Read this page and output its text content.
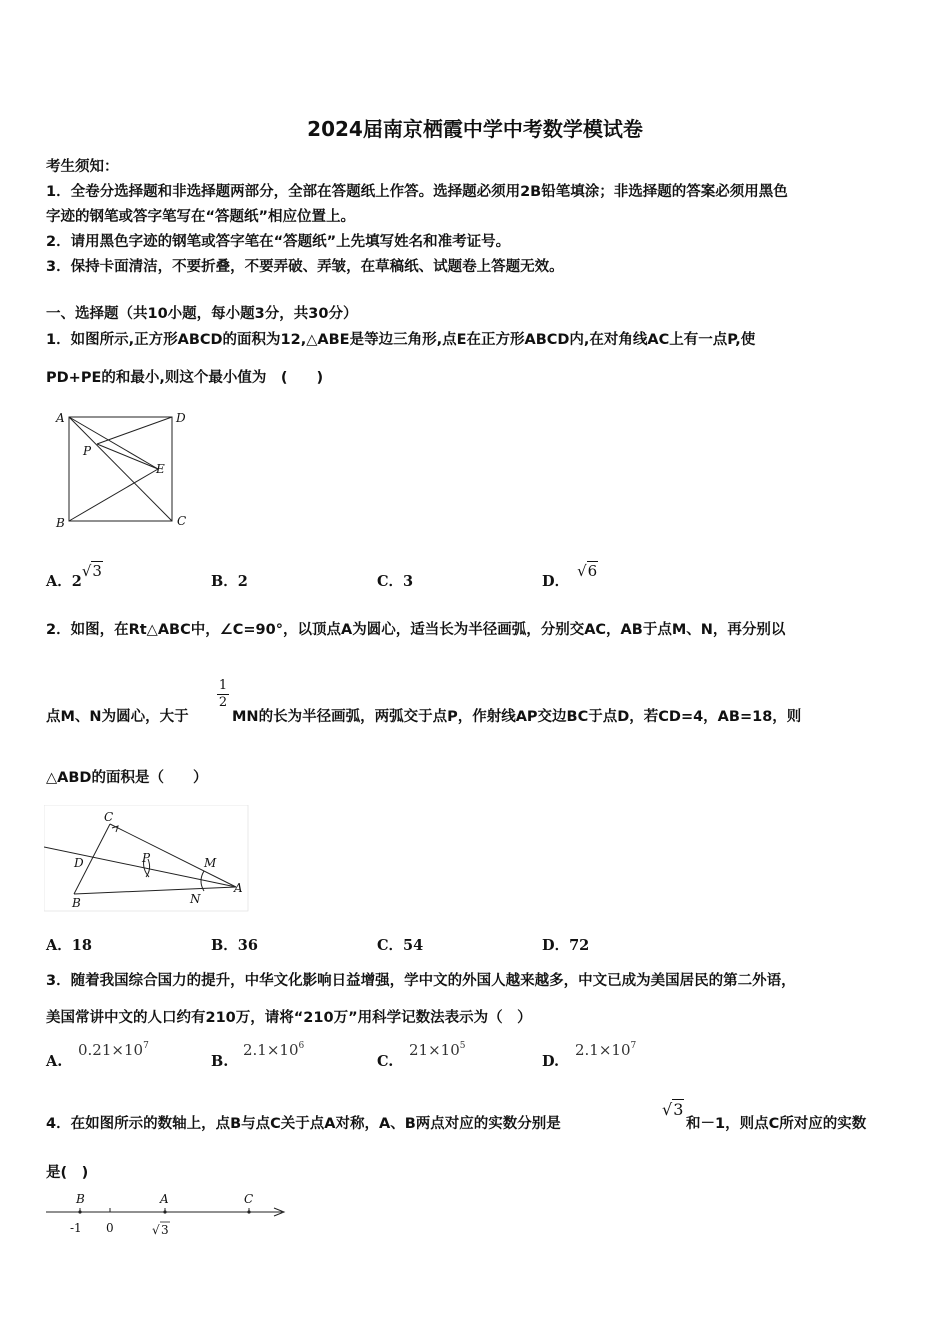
2024届南京栖霞中学中考数学模试卷
考生须知：
1．全卷分选择题和非选择题两部分，全部在答题纸上作答。选择题必须用2B铅笔填涂；非选择题的答案必须用黑色
字迹的钢笔或答字笔写在“答题纸”相应位置上。
2．请用黑色字迹的钢笔或答字笔在“答题纸”上先填写姓名和准考证号。
3．保持卡面清洁，不要折叠，不要弄破、弄皱，在草稿纸、试题卷上答题无效。
一、选择题（共10小题，每小题3分，共30分）
1．如图所示,正方形ABCD的面积为12,△ABE是等边三角形,点E在正方形ABCD内,在对角线AC上有一点P,使
PD+PE的和最小,则这个最小值为　(　　)
A	D
P
E
B	C
A．2√3
B．2	C．3	D．√6
2．如图，在Rt△ABC中，∠C=90°，以顶点A为圆心，适当长为半径画弧，分别交AC，AB于点M、N，再分别以
$\frac{1}{2}$
点M、N为圆心，大于	MN的长为半径画弧，两弧交于点P，作射线AP交边BC于点D，若CD=4，AB=18，则
△ABD的面积是（　　）
C
D	P	M
B	N
A
A．18	B．36	C．54	D．72
3．随着我国综合国力的提升，中华文化影响日益增强，学中文的外国人越来越多，中文已成为美国居民的第二外语，
美国常讲中文的人口约有210万，请将“210万”用科学记数法表示为（　）
A.
$0.21\times 10^7$
B.
$2.1\times 10^6$
C.
$21\times 10^5$
D.
$2.1\times 10^7$
4．在如图所示的数轴上，点B与点C关于点A对称，A、B两点对应的实数分别是
√3
和－1，则点C所对应的实数
是(　)
B	A	C
-1 0	√ 3
